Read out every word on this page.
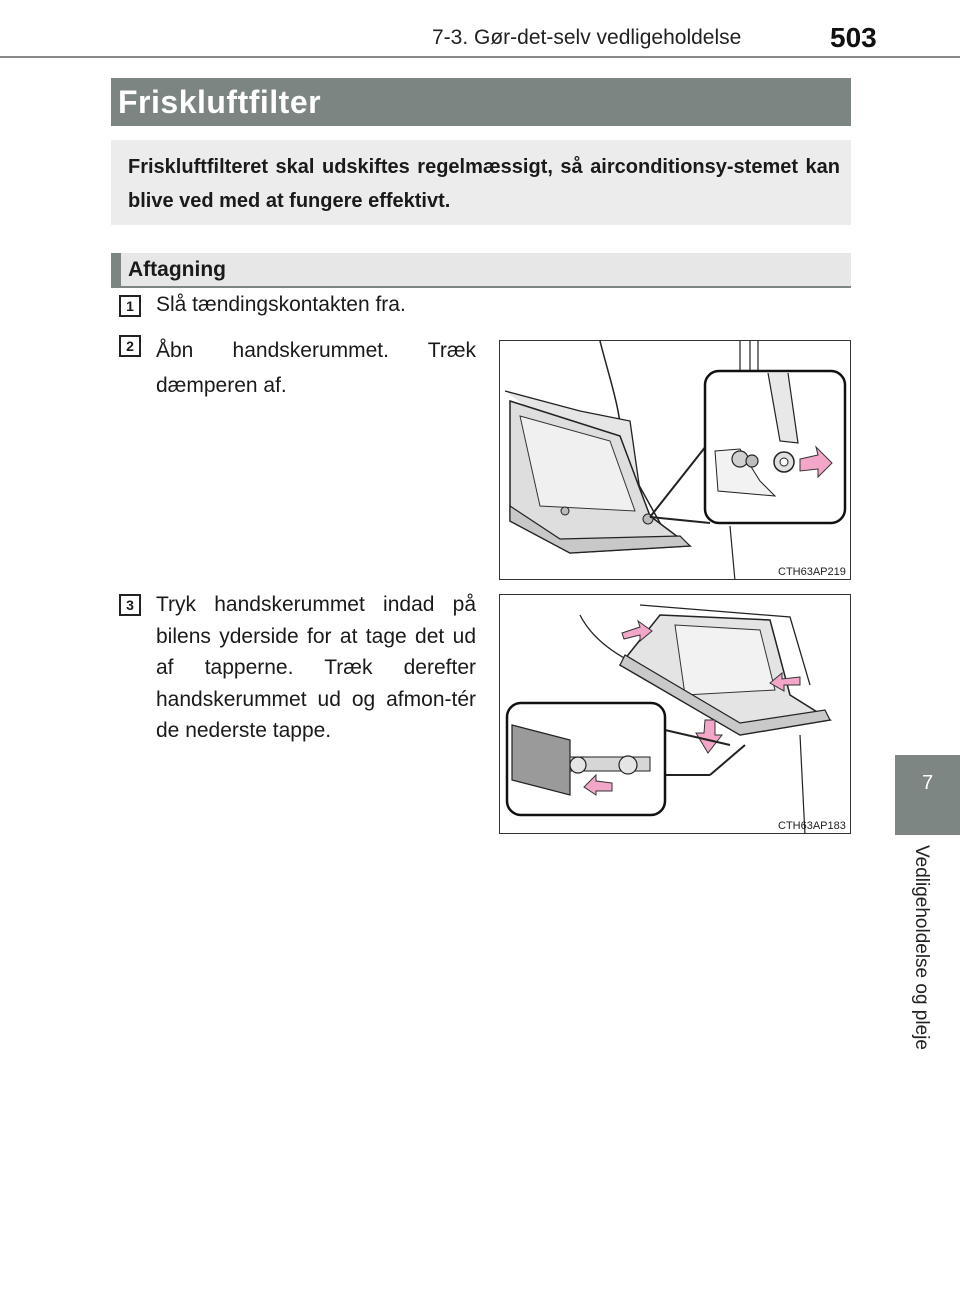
7-3. Gør-det-selv vedligeholdelse	503
7
Vedligeholdelse og pleje
Friskluftfilter
Friskluftfilteret skal udskiftes regelmæssigt, så airconditionsy-stemet kan blive ved med at fungere effektivt.
Aftagning
1	Slå tændingskontakten fra.
2	Åbn handskerummet. Træk dæmperen af.
CTH63AP219
3	Tryk handskerummet indad på bilens yderside for at tage det ud af tapperne. Træk derefter handskerummet ud og afmon-tér de nederste tappe.
CTH63AP183
